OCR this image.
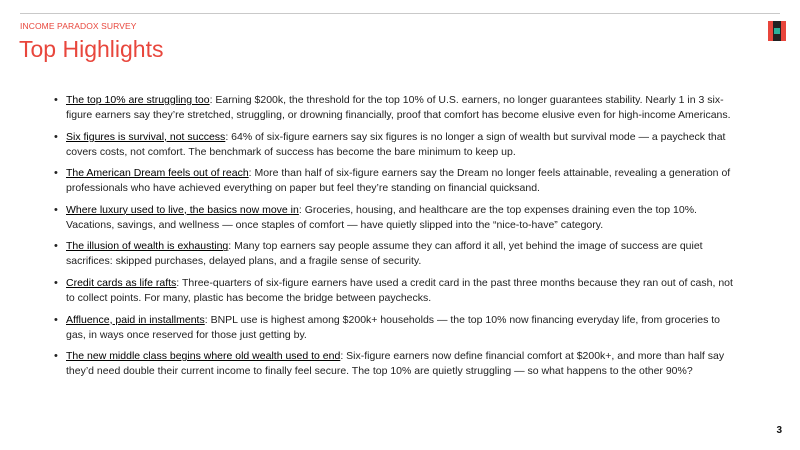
INCOME PARADOX SURVEY
Top Highlights
• The top 10% are struggling too: Earning $200k, the threshold for the top 10% of U.S. earners, no longer guarantees stability. Nearly 1 in 3 six-figure earners say they’re stretched, struggling, or drowning financially, proof that comfort has become elusive even for high-income Americans.
• Six figures is survival, not success: 64% of six-figure earners say six figures is no longer a sign of wealth but survival mode — a paycheck that covers costs, not comfort. The benchmark of success has become the bare minimum to keep up.
• The American Dream feels out of reach: More than half of six-figure earners say the Dream no longer feels attainable, revealing a generation of professionals who have achieved everything on paper but feel they’re standing on financial quicksand.
• Where luxury used to live, the basics now move in: Groceries, housing, and healthcare are the top expenses draining even the top 10%. Vacations, savings, and wellness — once staples of comfort — have quietly slipped into the “nice-to-have” category.
• The illusion of wealth is exhausting: Many top earners say people assume they can afford it all, yet behind the image of success are quiet sacrifices: skipped purchases, delayed plans, and a fragile sense of security.
• Credit cards as life rafts: Three-quarters of six-figure earners have used a credit card in the past three months because they ran out of cash, not to collect points. For many, plastic has become the bridge between paychecks.
• Affluence, paid in installments: BNPL use is highest among $200k+ households — the top 10% now financing everyday life, from groceries to gas, in ways once reserved for those just getting by.
• The new middle class begins where old wealth used to end: Six-figure earners now define financial comfort at $200k+, and more than half say they’d need double their current income to finally feel secure. The top 10% are quietly struggling — so what happens to the other 90%?
3
